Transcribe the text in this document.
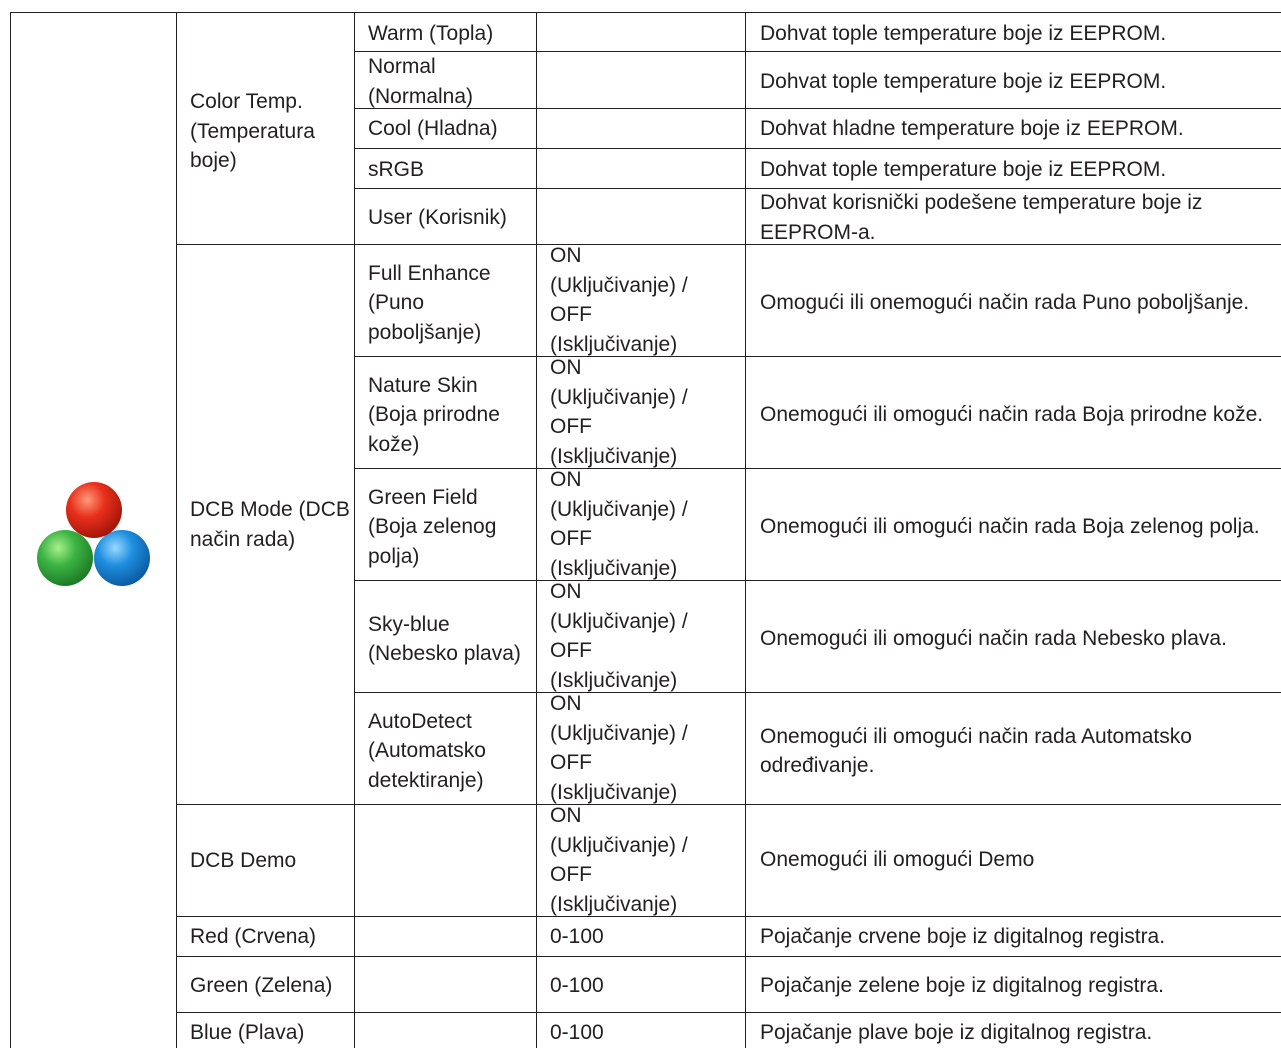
Color Temp. (Temperatura boje)
DCB Mode (DCB način rada)
DCB Demo
Red (Crvena)
Green (Zelena)
Blue (Plava)
Warm (Topla)
Normal (Normalna)
Cool (Hladna)
sRGB
User (Korisnik)
Full Enhance (Puno poboljšanje)
Nature Skin (Boja prirodne kože)
Green Field (Boja zelenog polja)
Sky-blue (Nebesko plava)
AutoDetect (Automatsko detektiranje)
ON (Uključivanje) / OFF (Isključivanje)
ON (Uključivanje) / OFF (Isključivanje)
ON (Uključivanje) / OFF (Isključivanje)
ON (Uključivanje) / OFF (Isključivanje)
ON (Uključivanje) / OFF (Isključivanje)
ON (Uključivanje) / OFF (Isključivanje)
0-100
0-100
0-100
Dohvat tople temperature boje iz EEPROM.
Dohvat tople temperature boje iz EEPROM.
Dohvat hladne temperature boje iz EEPROM.
Dohvat tople temperature boje iz EEPROM.
Dohvat korisnički podešene temperature boje iz EEPROM-a.
Omogući ili onemogući način rada Puno poboljšanje.
Onemogući ili omogući način rada Boja prirodne kože.
Onemogući ili omogući način rada Boja zelenog polja.
Onemogući ili omogući način rada Nebesko plava.
Onemogući ili omogući način rada Automatsko određivanje.
Onemogući ili omogući Demo
Pojačanje crvene boje iz digitalnog registra.
Pojačanje zelene boje iz digitalnog registra.
Pojačanje plave boje iz digitalnog registra.
